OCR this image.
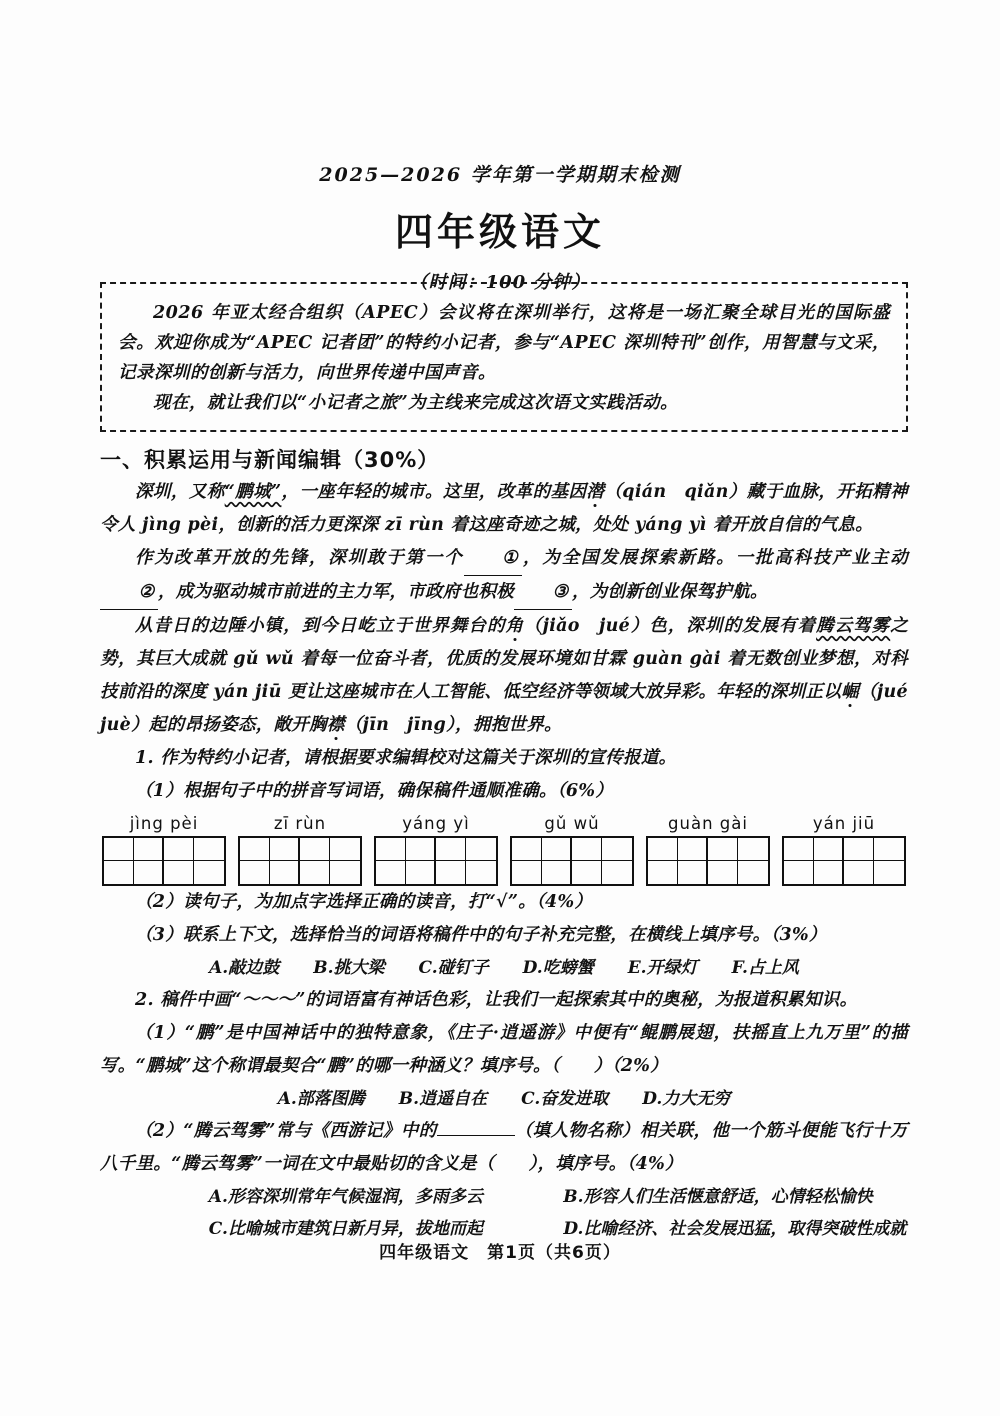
2025—2026 学年第一学期期末检测
四年级语文
（时间：100 分钟）

2026 年亚太经合组织（APEC）会议将在深圳举行，这将是一场汇聚全球目光的国际盛会。欢迎你成为“APEC 记者团”的特约小记者，参与“APEC 深圳特刊”创作，用智慧与文采，记录深圳的创新与活力，向世界传递中国声音。

现在，就让我们以“小记者之旅”为主线来完成这次语文实践活动。

一、积累运用与新闻编辑（30%）

深圳，又称“鹏城”，一座年轻的城市。这里，改革的基因潜（qián　qiǎn）藏于血脉，开拓精神令人 jìng pèi，创新的活力更深深 zī rùn 着这座奇迹之城，处处 yáng yì 着开放自信的气息。

作为改革开放的先锋，深圳敢于第一个 ① ，为全国发展探索新路。一批高科技产业主动② ，成为驱动城市前进的主力军，市政府也积极 ③ ，为创新创业保驾护航。

从昔日的边陲小镇，到今日屹立于世界舞台的角（jiǎo　jué）色，深圳的发展有着腾云驾雾之势，其巨大成就 gǔ wǔ 着每一位奋斗者，优质的发展环境如甘霖 guàn gài 着无数创业梦想，对科技前沿的深度 yán jiū 更让这座城市在人工智能、低空经济等领域大放异彩。年轻的深圳正以崛（jué　juè）起的昂扬姿态，敞开胸襟（jīn　jīng），拥抱世界。

1. 作为特约小记者，请根据要求编辑校对这篇关于深圳的宣传报道。

（1）根据句子中的拼音写词语，确保稿件通顺准确。（6%）

jìng pèi	zī rùn	yáng yì	gǔ wǔ	guàn gài	yán jiū

（2）读句子，为加点字选择正确的读音，打“√”。（4%）

（3）联系上下文，选择恰当的词语将稿件中的句子补充完整，在横线上填序号。（3%）

A.敲边鼓 B.挑大梁 C.碰钉子 D.吃螃蟹 E.开绿灯 F.占上风

2. 稿件中画“〜〜〜”的词语富有神话色彩，让我们一起探索其中的奥秘，为报道积累知识。

（1）“鹏”是中国神话中的独特意象，《庄子·逍遥游》中便有“鲲鹏展翅，扶摇直上九万里”的描写。“鹏城”这个称谓最契合“鹏”的哪一种涵义？填序号。（ ）（2%）

A.部落图腾 B.逍遥自在 C.奋发进取 D.力大无穷

（2）“腾云驾雾”常与《西游记》中的	（填人物名称）相关联，他一个筋斗便能飞行十万八千里。“腾云驾雾”一词在文中最贴切的含义是（ ），填序号。（4%）

A.形容深圳常年气候湿润，多雨多云	B.形容人们生活惬意舒适，心情轻松愉快

C.比喻城市建筑日新月异，拔地而起	D.比喻经济、社会发展迅猛，取得突破性成就

四年级语文　第1页（共6页）
